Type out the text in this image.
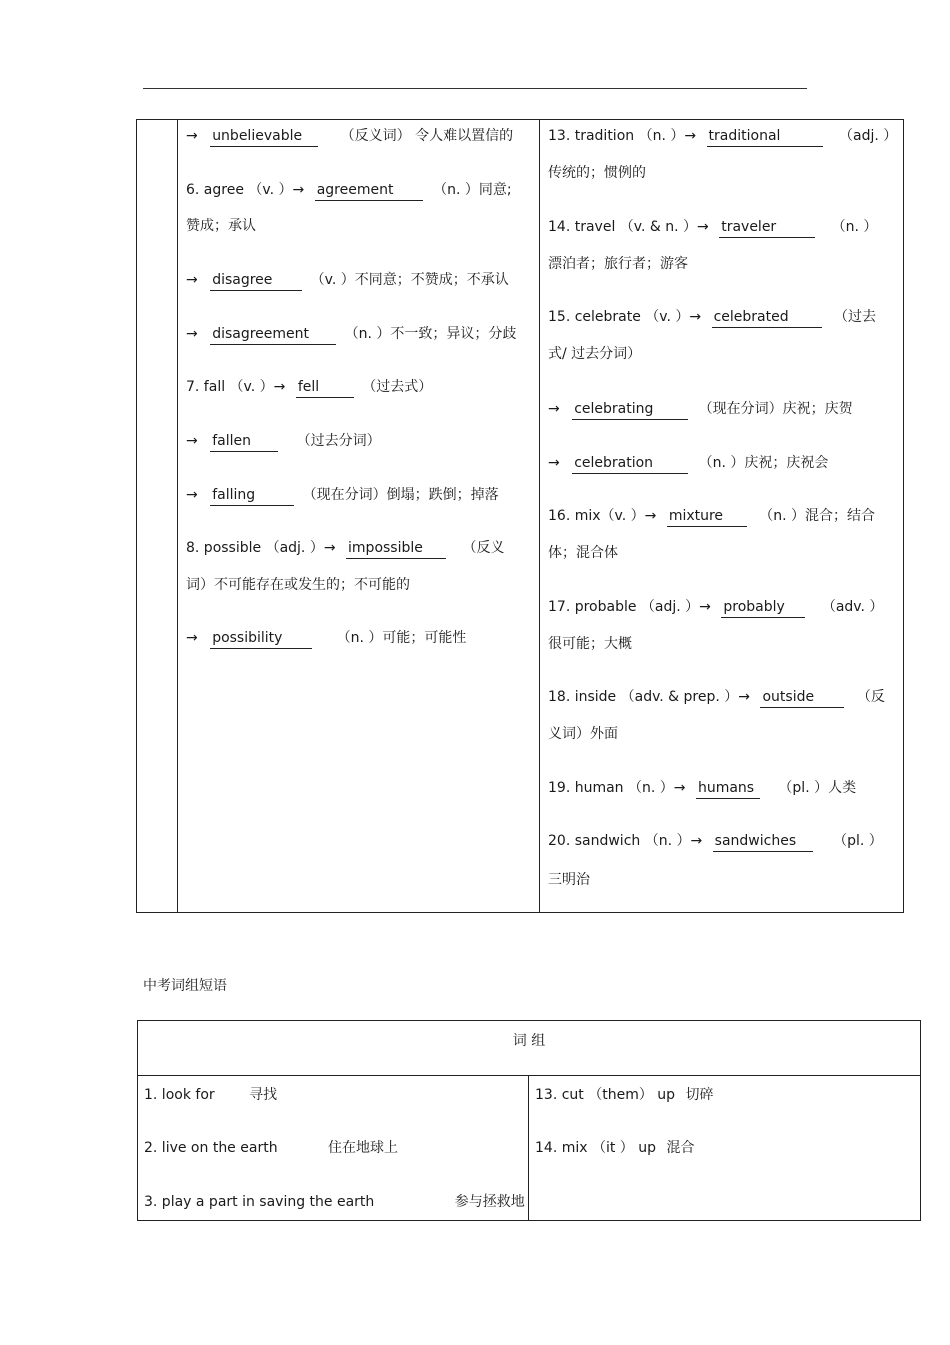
→ unbelievable	（反义词） 令人难以置信的
6. agree （v. ）→ agreement	（n. ）同意;
赞成；承认
→ disagree	（v. ）不同意；不赞成；不承认
→ disagreement	（n. ）不一致；异议；分歧
7. fall （v. ）→ fell	（过去式）
→ fallen	（过去分词）
→ falling	（现在分词）倒塌；跌倒；掉落
8. possible （adj. ）→ impossible	（反义
词）不可能存在或发生的；不可能的
→ possibility	（n. ）可能；可能性
13. tradition （n. ）→ traditional	（adj. ）
传统的；惯例的
14. travel （v. & n. ）→ traveler	（n. ）
漂泊者；旅行者；游客
15. celebrate （v. ）→ celebrated	（过去
式/ 过去分词）
→ celebrating	（现在分词）庆祝；庆贺
→ celebration	（n. ）庆祝；庆祝会
16. mix（v. ）→ mixture	（n. ）混合；结合
体；混合体
17. probable （adj. ）→ probably	（adv. ）
很可能；大概
18. inside （adv. & prep. ）→ outside	（反
义词）外面
19. human （n. ）→ humans （pl. ）人类
20. sandwich （n. ）→ sandwiches	（pl. ）
三明治
中考词组短语
词 组
1. look for 寻找
2. live on the earth	住在地球上
3. play a part in saving the earth	参与拯救地
13. cut （them） up 切碎
14. mix （it ） up 混合
